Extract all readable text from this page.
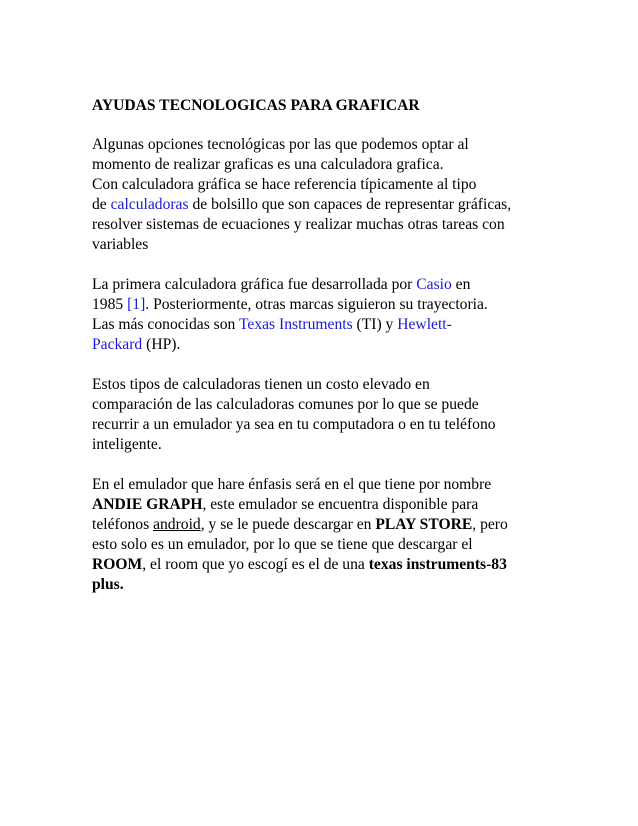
AYUDAS TECNOLOGICAS PARA GRAFICAR
Algunas opciones tecnológicas por las que podemos optar al
momento de realizar graficas es una calculadora grafica.
Con calculadora gráfica se hace referencia típicamente al tipo
de calculadoras de bolsillo que son capaces de representar gráficas,
resolver sistemas de ecuaciones y realizar muchas otras tareas con
variables
La primera calculadora gráfica fue desarrollada por Casio en
1985 [1]. Posteriormente, otras marcas siguieron su trayectoria.
Las más conocidas son Texas Instruments (TI) y Hewlett-
Packard (HP).
Estos tipos de calculadoras tienen un costo elevado en
comparación de las calculadoras comunes por lo que se puede
recurrir a un emulador ya sea en tu computadora o en tu teléfono
inteligente.
En el emulador que hare énfasis será en el que tiene por nombre
ANDIE GRAPH, este emulador se encuentra disponible para
teléfonos android, y se le puede descargar en PLAY STORE, pero
esto solo es un emulador, por lo que se tiene que descargar el
ROOM, el room que yo escogí es el de una texas instruments-83
plus.
